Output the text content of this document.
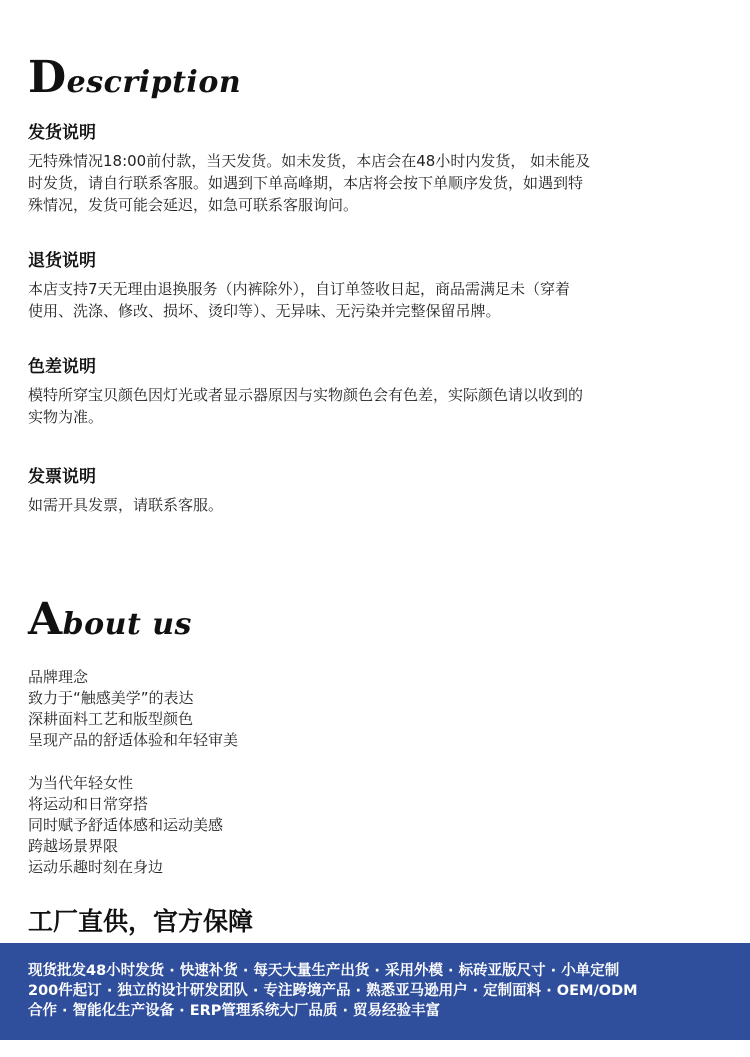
Description
发货说明

无特殊情况18:00前付款，当天发货。如未发货，本店会在48小时内发货， 如未能及
时发货，请自行联系客服。如遇到下单高峰期，本店将会按下单顺序发货，如遇到特
殊情况，发货可能会延迟，如急可联系客服询问。

退货说明

本店支持7天无理由退换服务（内裤除外），自订单签收日起，商品需满足未（穿着
使用、洗涤、修改、损坏、烫印等）、无异味、无污染并完整保留吊牌。

色差说明

模特所穿宝贝颜色因灯光或者显示器原因与实物颜色会有色差，实际颜色请以收到的
实物为准。

发票说明

如需开具发票，请联系客服。

About us
品牌理念
致力于“触感美学”的表达
深耕面料工艺和版型颜色
呈现产品的舒适体验和年轻审美
为当代年轻女性
将运动和日常穿搭
同时赋予舒适体感和运动美感
跨越场景界限
运动乐趣时刻在身边
工厂直供，官方保障
现货批发48小时发货 · 快速补货 · 每天大量生产出货 · 采用外模 · 标砖亚版尺寸 · 小单定制
200件起订 · 独立的设计研发团队 · 专注跨境产品 · 熟悉亚马逊用户 · 定制面料 · OEM/ODM
合作 · 智能化生产设备 · ERP管理系统大厂品质 · 贸易经验丰富
